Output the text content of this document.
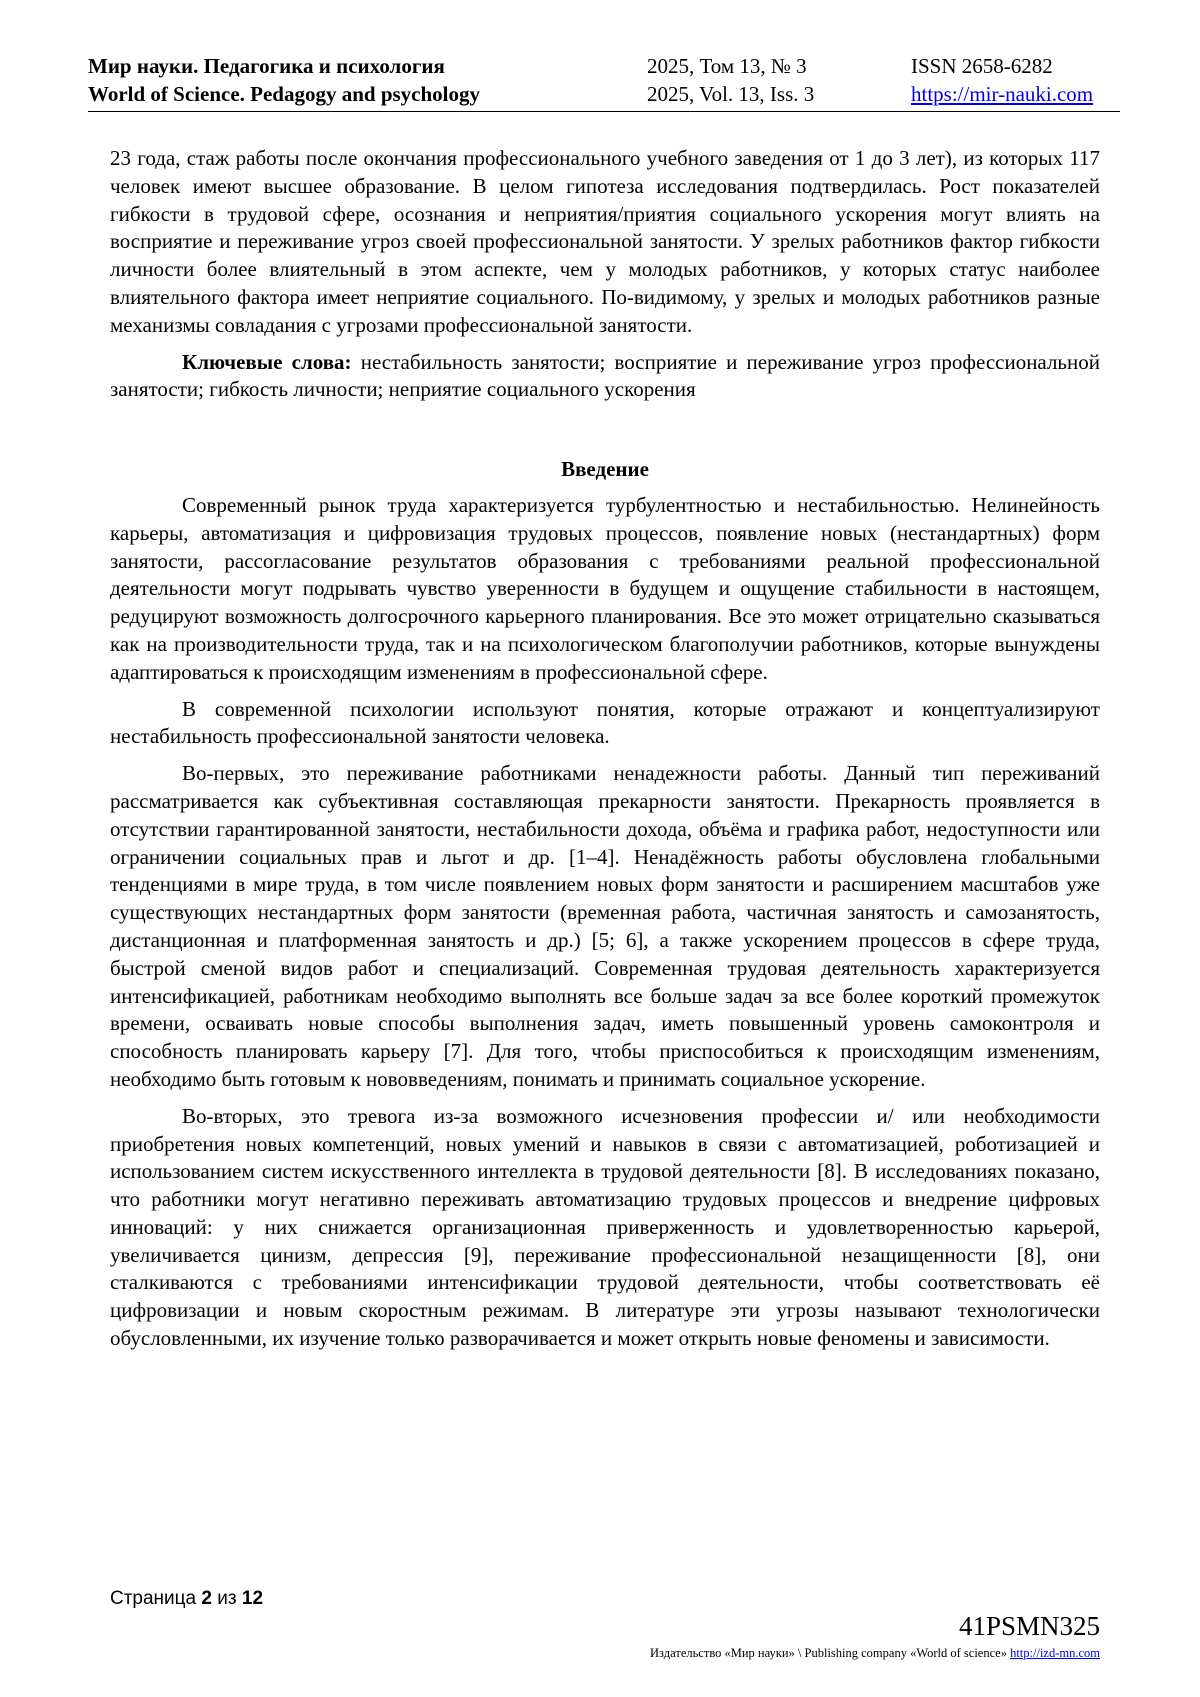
Мир науки. Педагогика и психология
World of Science. Pedagogy and psychology
2025, Том 13, № 3
2025, Vol. 13, Iss. 3
ISSN 2658-6282
https://mir-nauki.com

23 года, стаж работы после окончания профессионального учебного заведения от 1 до 3 лет), из которых 117 человек имеют высшее образование. В целом гипотеза исследования подтвердилась. Рост показателей гибкости в трудовой сфере, осознания и неприятия/приятия социального ускорения могут влиять на восприятие и переживание угроз своей профессиональной занятости. У зрелых работников фактор гибкости личности более влиятельный в этом аспекте, чем у молодых работников, у которых статус наиболее влиятельного фактора имеет неприятие социального. По-видимому, у зрелых и молодых работников разные механизмы совладания с угрозами профессиональной занятости.

Ключевые слова: нестабильность занятости; восприятие и переживание угроз профессиональной занятости; гибкость личности; неприятие социального ускорения

Введение

Современный рынок труда характеризуется турбулентностью и нестабильностью. Нелинейность карьеры, автоматизация и цифровизация трудовых процессов, появление новых (нестандартных) форм занятости, рассогласование результатов образования с требованиями реальной профессиональной деятельности могут подрывать чувство уверенности в будущем и ощущение стабильности в настоящем, редуцируют возможность долгосрочного карьерного планирования. Все это может отрицательно сказываться как на производительности труда, так и на психологическом благополучии работников, которые вынуждены адаптироваться к происходящим изменениям в профессиональной сфере.

В современной психологии используют понятия, которые отражают и концептуализируют нестабильность профессиональной занятости человека.

Во-первых, это переживание работниками ненадежности работы. Данный тип переживаний рассматривается как субъективная составляющая прекарности занятости. Прекарность проявляется в отсутствии гарантированной занятости, нестабильности дохода, объёма и графика работ, недоступности или ограничении социальных прав и льгот и др. [1–4]. Ненадёжность работы обусловлена глобальными тенденциями в мире труда, в том числе появлением новых форм занятости и расширением масштабов уже существующих нестандартных форм занятости (временная работа, частичная занятость и самозанятость, дистанционная и платформенная занятость и др.) [5; 6], а также ускорением процессов в сфере труда, быстрой сменой видов работ и специализаций. Современная трудовая деятельность характеризуется интенсификацией, работникам необходимо выполнять все больше задач за все более короткий промежуток времени, осваивать новые способы выполнения задач, иметь повышенный уровень самоконтроля и способность планировать карьеру [7]. Для того, чтобы приспособиться к происходящим изменениям, необходимо быть готовым к нововведениям, понимать и принимать социальное ускорение.

Во-вторых, это тревога из-за возможного исчезновения профессии и/ или необходимости приобретения новых компетенций, новых умений и навыков в связи с автоматизацией, роботизацией и использованием систем искусственного интеллекта в трудовой деятельности [8]. В исследованиях показано, что работники могут негативно переживать автоматизацию трудовых процессов и внедрение цифровых инноваций: у них снижается организационная приверженность и удовлетворенностью карьерой, увеличивается цинизм, депрессия [9], переживание профессиональной незащищенности [8], они сталкиваются с требованиями интенсификации трудовой деятельности, чтобы соответствовать её цифровизации и новым скоростным режимам. В литературе эти угрозы называют технологически обусловленными, их изучение только разворачивается и может открыть новые феномены и зависимости.

Страница 2 из 12
41PSMN325
Издательство «Мир науки» \ Publishing company «World of science» http://izd-mn.com
